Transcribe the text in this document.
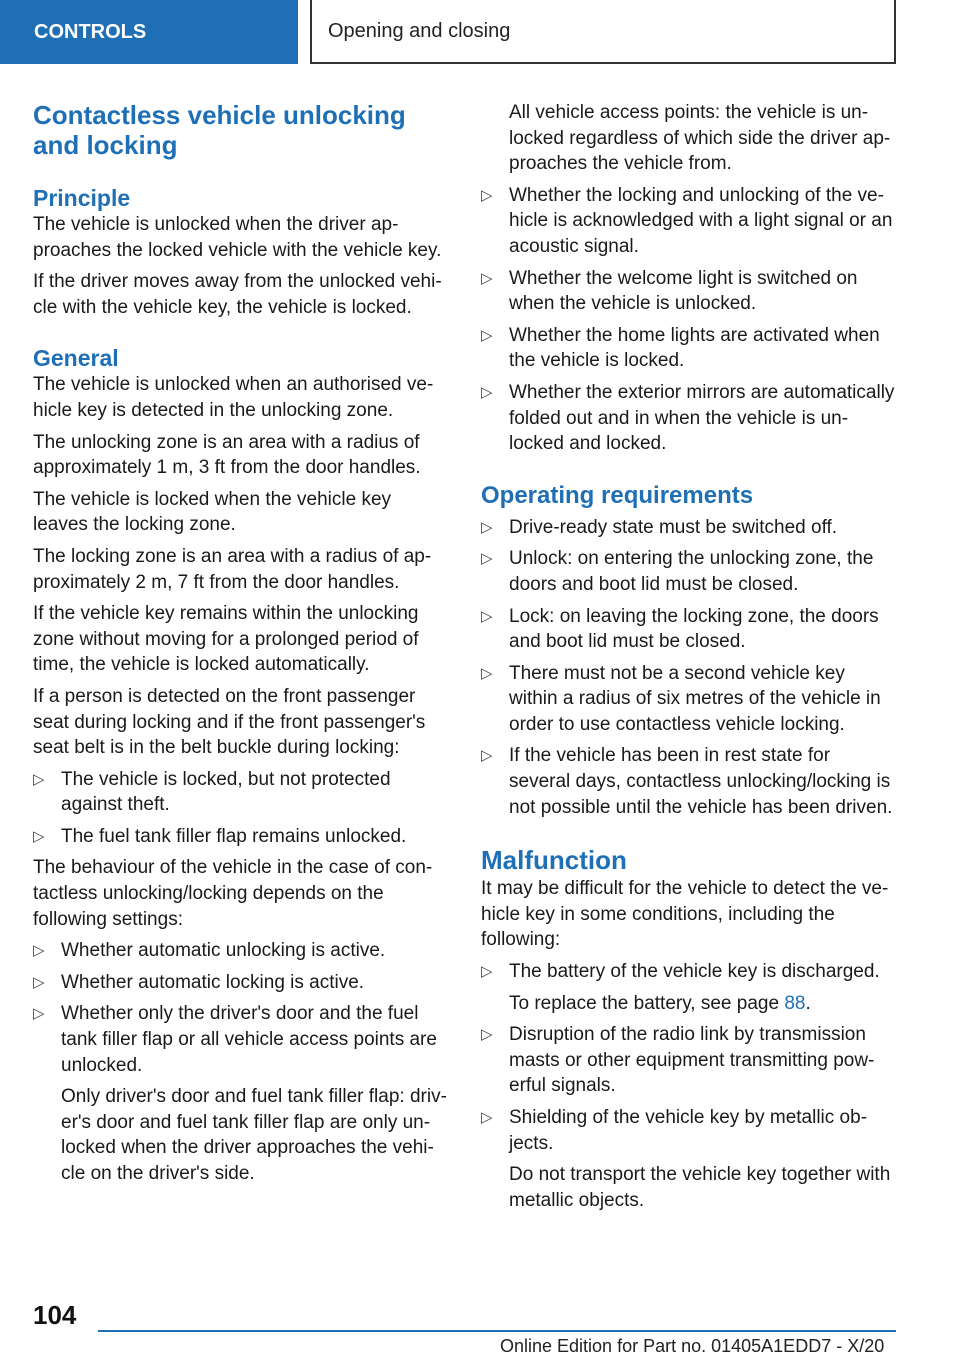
CONTROLS	Opening and closing
Contactless vehicle unlocking and locking
Principle

The vehicle is unlocked when the driver ap-proaches the locked vehicle with the vehicle key.

If the driver moves away from the unlocked vehi-cle with the vehicle key, the vehicle is locked.

General

The vehicle is unlocked when an authorised ve-hicle key is detected in the unlocking zone.

The unlocking zone is an area with a radius of approximately 1 m, 3 ft from the door handles.

The vehicle is locked when the vehicle key leaves the locking zone.

The locking zone is an area with a radius of ap-proximately 2 m, 7 ft from the door handles.

If the vehicle key remains within the unlocking zone without moving for a prolonged period of time, the vehicle is locked automatically.

If a person is detected on the front passenger seat during locking and if the front passenger's seat belt is in the belt buckle during locking:

▷ The vehicle is locked, but not protected against theft.
▷ The fuel tank filler flap remains unlocked.

The behaviour of the vehicle in the case of con-tactless unlocking/locking depends on the following settings:

▷ Whether automatic unlocking is active.
▷ Whether automatic locking is active.
▷ Whether only the driver's door and the fuel tank filler flap or all vehicle access points are unlocked.
Only driver's door and fuel tank filler flap: driv-er's door and fuel tank filler flap are only un-locked when the driver approaches the vehi-cle on the driver's side.
All vehicle access points: the vehicle is un-locked regardless of which side the driver ap-proaches the vehicle from.
▷ Whether the locking and unlocking of the ve-hicle is acknowledged with a light signal or an acoustic signal.
▷ Whether the welcome light is switched on when the vehicle is unlocked.
▷ Whether the home lights are activated when the vehicle is locked.
▷ Whether the exterior mirrors are automatically folded out and in when the vehicle is un-locked and locked.
Operating requirements
▷ Drive-ready state must be switched off.
▷ Unlock: on entering the unlocking zone, the doors and boot lid must be closed.
▷ Lock: on leaving the locking zone, the doors and boot lid must be closed.
▷ There must not be a second vehicle key within a radius of six metres of the vehicle in order to use contactless vehicle locking.
▷ If the vehicle has been in rest state for several days, contactless unlocking/locking is not possible until the vehicle has been driven.
Malfunction

It may be difficult for the vehicle to detect the ve-hicle key in some conditions, including the following:

▷ The battery of the vehicle key is discharged.
To replace the battery, see page 88.
▷ Disruption of the radio link by transmission masts or other equipment transmitting pow-erful signals.
▷ Shielding of the vehicle key by metallic ob-jects.
Do not transport the vehicle key together with metallic objects.
104
Online Edition for Part no. 01405A1EDD7 - X/20
